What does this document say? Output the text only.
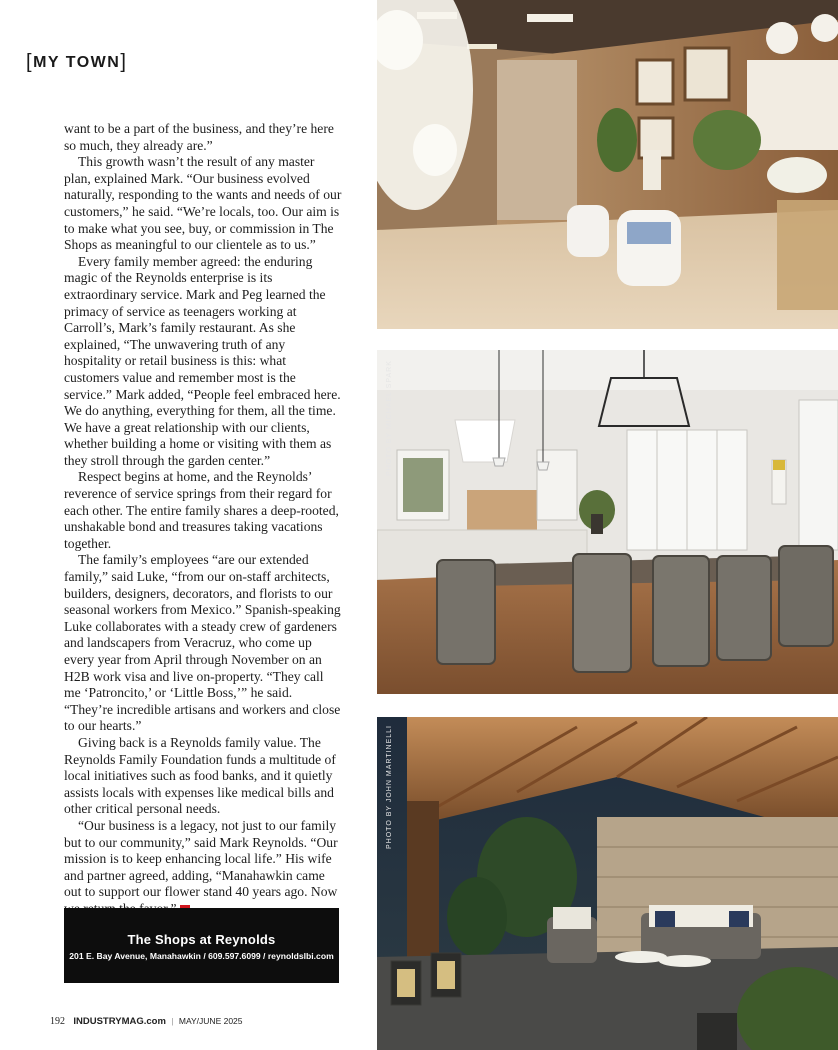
[MY TOWN]

want to be a part of the business, and they’re here so much, they already are.”

This growth wasn’t the result of any master plan, explained Mark. “Our business evolved naturally, responding to the wants and needs of our customers,” he said. “We’re locals, too. Our aim is to make what you see, buy, or commission in The Shops as meaningful to our clientele as to us.”

Every family member agreed: the enduring magic of the Reynolds enterprise is its extraordinary service. Mark and Peg learned the primacy of service as teenagers working at Carroll’s, Mark’s family restaurant. As she explained, “The unwavering truth of any hospitality or retail business is this: what customers value and remember most is the service.” Mark added, “People feel embraced here. We do anything, everything for them, all the time. We have a great relationship with our clients, whether building a home or visiting with them as they stroll through the garden center.”

Respect begins at home, and the Reynolds’ reverence of service springs from their regard for each other. The entire family shares a deep-rooted, unshakable bond and treasures taking vacations together.

The family’s employees “are our extended family,” said Luke, “from our on-staff architects, builders, designers, decorators, and florists to our seasonal workers from Mexico.” Spanish-speaking Luke collaborates with a steady crew of gardeners and landscapers from Veracruz, who come up every year from April through November on an H2B work visa and live on-property. “They call me ‘Patroncito,’ or ‘Little Boss,’” he said. “They’re incredible artisans and workers and close to our hearts.”

Giving back is a Reynolds family value. The Reynolds Family Foundation funds a multitude of local initiatives such as food banks, and it quietly assists locals with expenses like medical bills and other critical personal needs.

“Our business is a legacy, not just to our family but to our community,” said Mark Reynolds. “Our mission is to keep enhancing local life.” His wife and partner agreed, adding, “Manahawkin came out to support our flower stand 40 years ago. Now

The Shops at Reynolds
201 E. Bay Avenue, Manahawkin / 609.597.6099 / reynoldslbi.com
192 INDUSTRYMAG.com | MAY/JUNE 2025
PHOTO BY MICHAEL SPARK
PHOTO BY JOHN MARTINELLI
